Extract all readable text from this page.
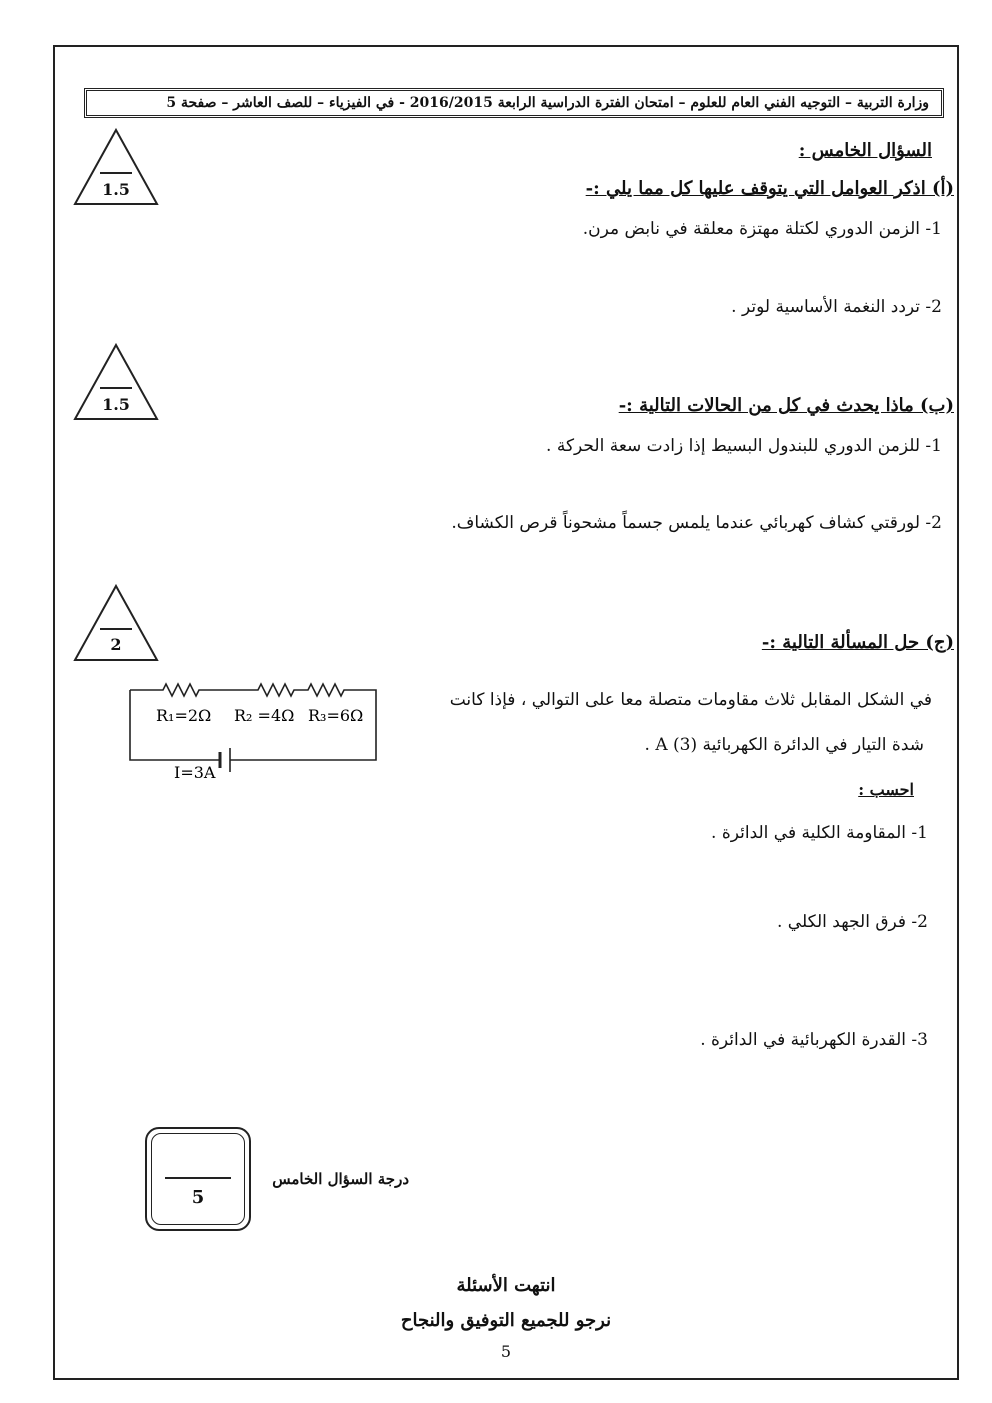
وزارة التربية – التوجيه الفني العام للعلوم – امتحان الفترة الدراسية الرابعة 2016/2015 - في الفيزياء – للصف العاشر – صفحة 5
السؤال الخامس :
1.5	(أ) اذكر العوامل التي يتوقف عليها كل مما يلي :-
1- الزمن الدوري لكتلة مهتزة معلقة في نابض مرن.
2- تردد النغمة الأساسية لوتر .
1.5	(ب) ماذا يحدث في كل من الحالات التالية :-
1- للزمن الدوري للبندول البسيط إذا زادت سعة الحركة .
2- لورقتي كشاف كهربائي عندما يلمس جسماً مشحوناً قرص الكشاف.
2	(ج) حل المسألة التالية :-
في الشكل المقابل ثلاث مقاومات متصلة معا على التوالي ، فإذا كانت
شدة التيار في الدائرة الكهربائية A (3) .
احسب :
1- المقاومة الكلية في الدائرة .
2- فرق الجهد الكلي .
3- القدرة الكهربائية في الدائرة .
R₁=2Ω R₂ =4Ω R₃=6Ω
I=3A
5
درجة السؤال الخامس
انتهت الأسئلة
نرجو للجميع التوفيق والنجاح
5
